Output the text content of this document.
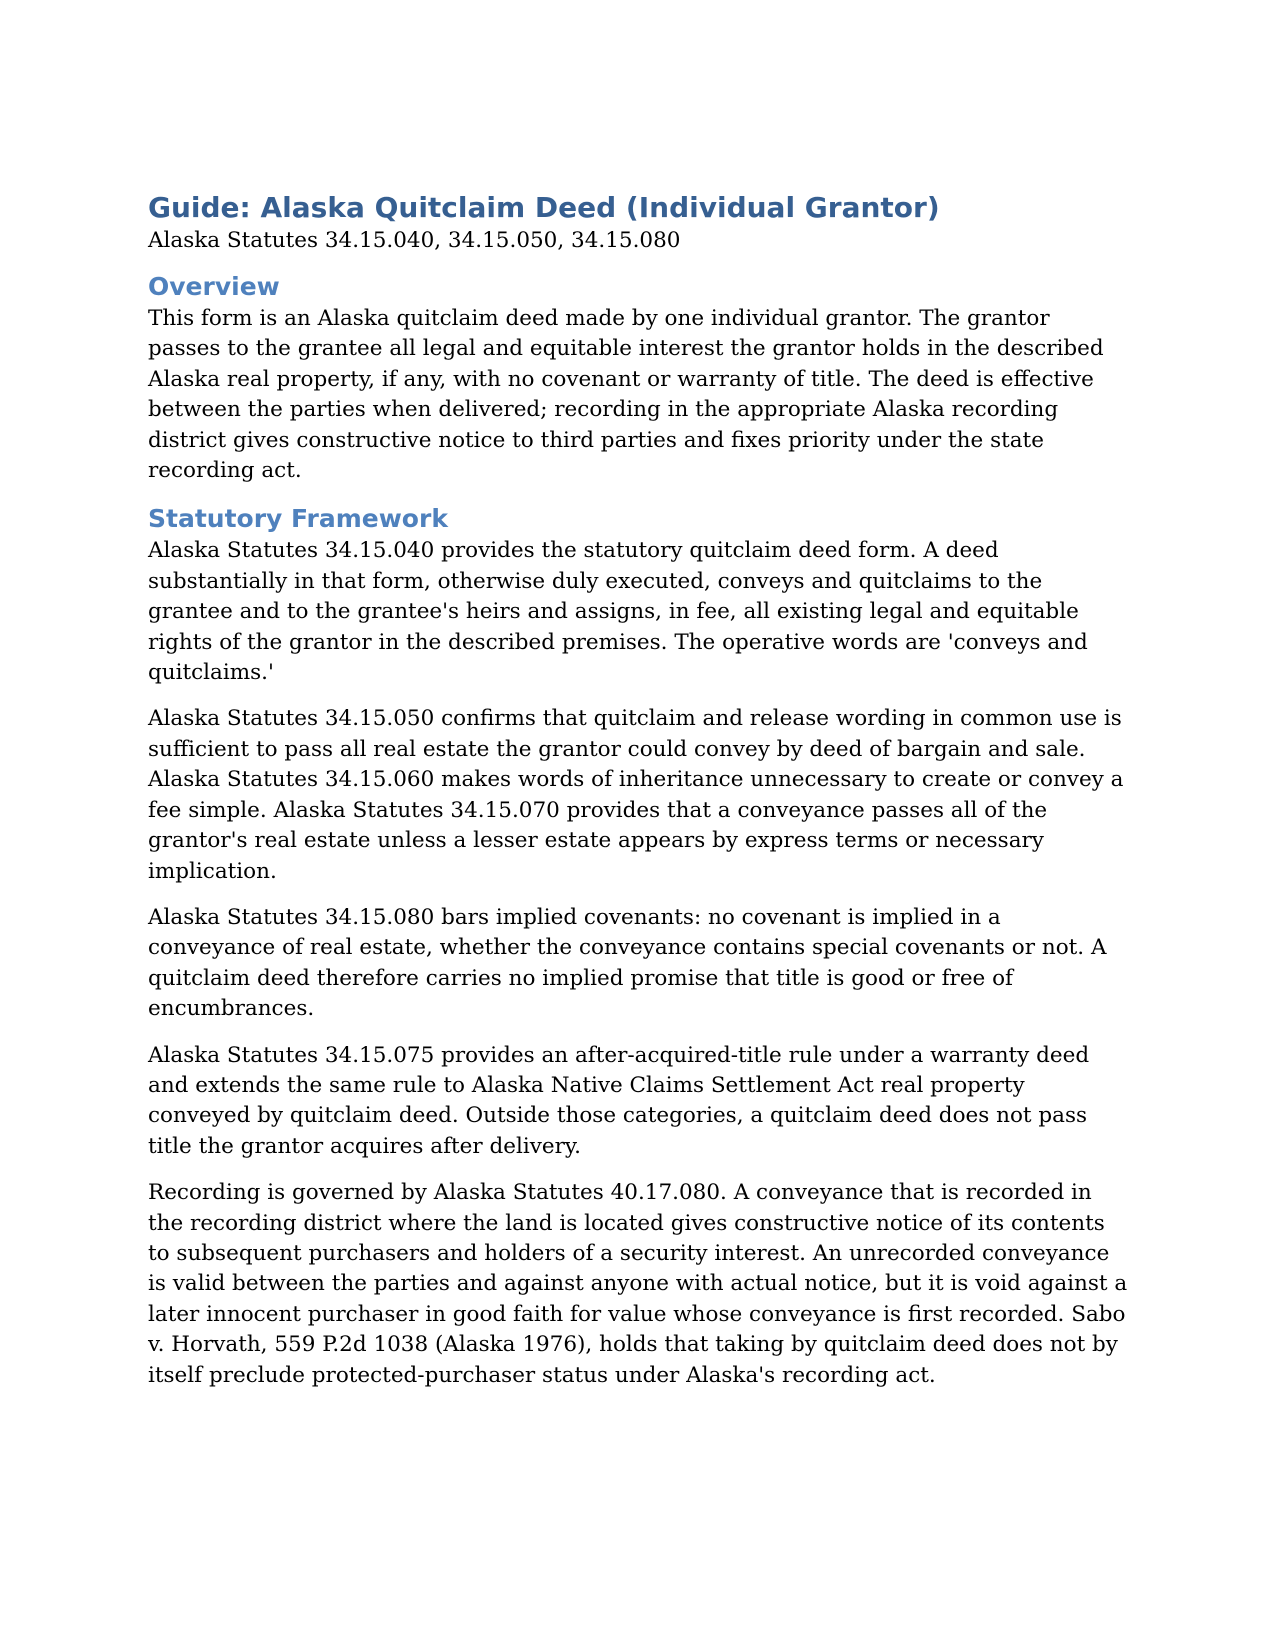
Guide: Alaska Quitclaim Deed (Individual Grantor)

Alaska Statutes 34.15.040, 34.15.050, 34.15.080

Overview

This form is an Alaska quitclaim deed made by one individual grantor. The grantor passes to the grantee all legal and equitable interest the grantor holds in the described Alaska real property, if any, with no covenant or warranty of title. The deed is effective between the parties when delivered; recording in the appropriate Alaska recording district gives constructive notice to third parties and fixes priority under the state recording act.

Statutory Framework

Alaska Statutes 34.15.040 provides the statutory quitclaim deed form. A deed substantially in that form, otherwise duly executed, conveys and quitclaims to the grantee and to the grantee's heirs and assigns, in fee, all existing legal and equitable rights of the grantor in the described premises. The operative words are 'conveys and quitclaims.'

Alaska Statutes 34.15.050 confirms that quitclaim and release wording in common use is sufficient to pass all real estate the grantor could convey by deed of bargain and sale. Alaska Statutes 34.15.060 makes words of inheritance unnecessary to create or convey a fee simple. Alaska Statutes 34.15.070 provides that a conveyance passes all of the grantor's real estate unless a lesser estate appears by express terms or necessary implication.

Alaska Statutes 34.15.080 bars implied covenants: no covenant is implied in a conveyance of real estate, whether the conveyance contains special covenants or not. A quitclaim deed therefore carries no implied promise that title is good or free of encumbrances.

Alaska Statutes 34.15.075 provides an after-acquired-title rule under a warranty deed and extends the same rule to Alaska Native Claims Settlement Act real property conveyed by quitclaim deed. Outside those categories, a quitclaim deed does not pass title the grantor acquires after delivery.

Recording is governed by Alaska Statutes 40.17.080. A conveyance that is recorded in the recording district where the land is located gives constructive notice of its contents to subsequent purchasers and holders of a security interest. An unrecorded conveyance is valid between the parties and against anyone with actual notice, but it is void against a later innocent purchaser in good faith for value whose conveyance is first recorded. Sabo v. Horvath, 559 P.2d 1038 (Alaska 1976), holds that taking by quitclaim deed does not by itself preclude protected-purchaser status under Alaska's recording act.
